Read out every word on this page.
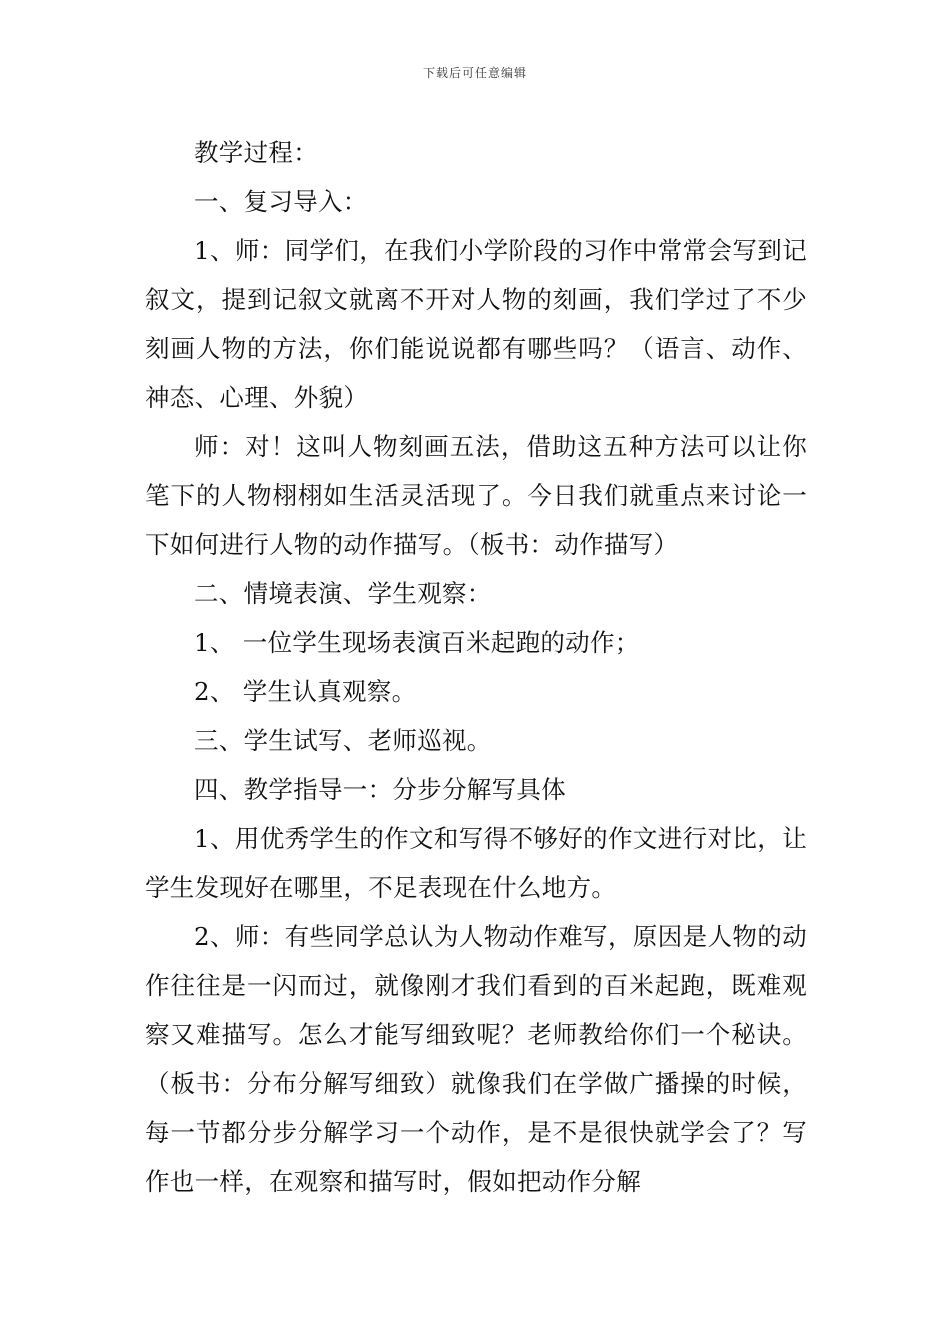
下载后可任意编辑

教学过程：

一、复习导入：

1、师：同学们，在我们小学阶段的习作中常常会写到记叙文，提到记叙文就离不开对人物的刻画，我们学过了不少刻画人物的方法，你们能说说都有哪些吗？（语言、动作、神态、心理、外貌）

师：对！这叫人物刻画五法，借助这五种方法可以让你笔下的人物栩栩如生活灵活现了。今日我们就重点来讨论一下如何进行人物的动作描写。（板书：动作描写）

二、情境表演、学生观察：

1、 一位学生现场表演百米起跑的动作；

2、 学生认真观察。

三、学生试写、老师巡视。

四、教学指导一：分步分解写具体

1、用优秀学生的作文和写得不够好的作文进行对比，让学生发现好在哪里，不足表现在什么地方。

2、师：有些同学总认为人物动作难写，原因是人物的动作往往是一闪而过，就像刚才我们看到的百米起跑，既难观察又难描写。怎么才能写细致呢？老师教给你们一个秘诀。（板书：分布分解写细致）就像我们在学做广播操的时候，每一节都分步分解学习一个动作，是不是很快就学会了？写作也一样，在观察和描写时，假如把动作分解
